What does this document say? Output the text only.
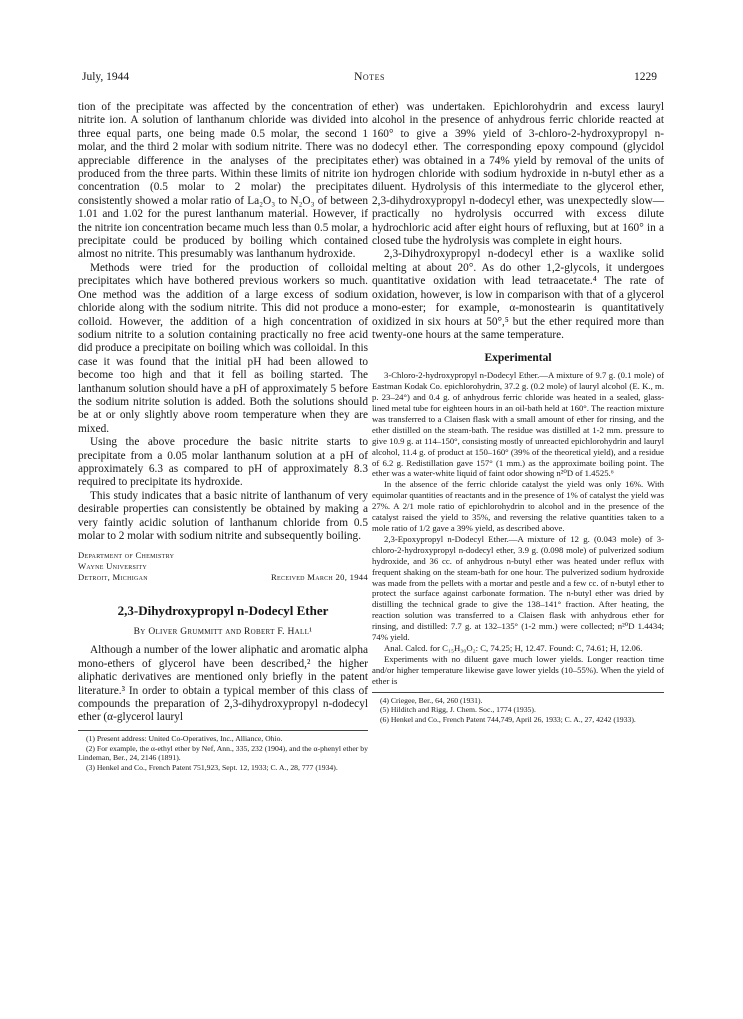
July, 1944	Notes	1229

tion of the precipitate was affected by the concentration of nitrite ion. A solution of lanthanum chloride was divided into three equal parts, one being made 0.5 molar, the second 1 molar, and the third 2 molar with sodium nitrite. There was no appreciable difference in the analyses of the precipitates produced from the three parts. Within these limits of nitrite ion concentration (0.5 molar to 2 molar) the precipitates consistently showed a molar ratio of La₂O₃ to N₂O₃ of between 1.01 and 1.02 for the purest lanthanum material. However, if the nitrite ion concentration became much less than 0.5 molar, a precipitate could be produced by boiling which contained almost no nitrite. This presumably was lanthanum hydroxide.

Methods were tried for the production of colloidal precipitates which have bothered previous workers so much. One method was the addition of a large excess of sodium chloride along with the sodium nitrite. This did not produce a colloid. However, the addition of a high concentration of sodium nitrite to a solution containing practically no free acid did produce a precipitate on boiling which was colloidal. In this case it was found that the initial pH had been allowed to become too high and that it fell as boiling started. The lanthanum solution should have a pH of approximately 5 before the sodium nitrite solution is added. Both the solutions should be at or only slightly above room temperature when they are mixed.

Using the above procedure the basic nitrite starts to precipitate from a 0.05 molar lanthanum solution at a pH of approximately 6.3 as compared to pH of approximately 8.3 required to precipitate its hydroxide.

This study indicates that a basic nitrite of lanthanum of very desirable properties can consistently be obtained by making a very faintly acidic solution of lanthanum chloride from 0.5 molar to 2 molar with sodium nitrite and subsequently boiling.

Department of Chemistry
Wayne University
Detroit, Michigan	Received March 20, 1944
2,3-Dihydroxypropyl n-Dodecyl Ether
By Oliver Grummitt and Robert F. Hall¹

Although a number of the lower aliphatic and aromatic alpha mono-ethers of glycerol have been described,² the higher aliphatic derivatives are mentioned only briefly in the patent literature.³ In order to obtain a typical member of this class of compounds the preparation of 2,3-dihydroxypropyl n-dodecyl ether (α-glycerol lauryl

(1) Present address: United Co-Operatives, Inc., Alliance, Ohio.

(2) For example, the α-ethyl ether by Nef, Ann., 335, 232 (1904), and the α-phenyl ether by Lindeman, Ber., 24, 2146 (1891).

(3) Henkel and Co., French Patent 751,923, Sept. 12, 1933; C. A., 28, 777 (1934).

ether) was undertaken. Epichlorohydrin and excess lauryl alcohol in the presence of anhydrous ferric chloride reacted at 160° to give a 39% yield of 3-chloro-2-hydroxypropyl n-dodecyl ether. The corresponding epoxy compound (glycidol ether) was obtained in a 74% yield by removal of the units of hydrogen chloride with sodium hydroxide in n-butyl ether as a diluent. Hydrolysis of this intermediate to the glycerol ether, 2,3-dihydroxypropyl n-dodecyl ether, was unexpectedly slow—practically no hydrolysis occurred with excess dilute hydrochloric acid after eight hours of refluxing, but at 160° in a closed tube the hydrolysis was complete in eight hours.

2,3-Dihydroxypropyl n-dodecyl ether is a waxlike solid melting at about 20°. As do other 1,2-glycols, it undergoes quantitative oxidation with lead tetraacetate.⁴ The rate of oxidation, however, is low in comparison with that of a glycerol mono-ester; for example, α-monostearin is quantitatively oxidized in six hours at 50°,⁵ but the ether required more than twenty-one hours at the same temperature.

Experimental

3-Chloro-2-hydroxypropyl n-Dodecyl Ether.—A mixture of 9.7 g. (0.1 mole) of Eastman Kodak Co. epichlorohydrin, 37.2 g. (0.2 mole) of lauryl alcohol (E. K., m. p. 23–24°) and 0.4 g. of anhydrous ferric chloride was heated in a sealed, glass-lined metal tube for eighteen hours in an oil-bath held at 160°. The reaction mixture was transferred to a Claisen flask with a small amount of ether for rinsing, and the ether distilled on the steam-bath. The residue was distilled at 1-2 mm. pressure to give 10.9 g. at 114–150°, consisting mostly of unreacted epichlorohydrin and lauryl alcohol, 11.4 g. of product at 150–160° (39% of the theoretical yield), and a residue of 6.2 g. Redistillation gave 157° (1 mm.) as the approximate boiling point. The ether was a water-white liquid of faint odor showing n²⁰D of 1.4525.⁶

In the absence of the ferric chloride catalyst the yield was only 16%. With equimolar quantities of reactants and in the presence of 1% of catalyst the yield was 27%. A 2/1 mole ratio of epichlorohydrin to alcohol and in the presence of the catalyst raised the yield to 35%, and reversing the relative quantities taken to a mole ratio of 1/2 gave a 39% yield, as described above.

2,3-Epoxypropyl n-Dodecyl Ether.—A mixture of 12 g. (0.043 mole) of 3-chloro-2-hydroxypropyl n-dodecyl ether, 3.9 g. (0.098 mole) of pulverized sodium hydroxide, and 36 cc. of anhydrous n-butyl ether was heated under reflux with frequent shaking on the steam-bath for one hour. The pulverized sodium hydroxide was made from the pellets with a mortar and pestle and a few cc. of n-butyl ether to protect the surface against carbonate formation. The n-butyl ether was dried by distilling the technical grade to give the 138–141° fraction. After heating, the reaction solution was transferred to a Claisen flask with anhydrous ether for rinsing, and distilled: 7.7 g. at 132–135° (1-2 mm.) were collected; n²⁰D 1.4434; 74% yield.

Anal. Calcd. for C₁₅H₃₀O₂: C, 74.25; H, 12.47. Found: C, 74.61; H, 12.06.

Experiments with no diluent gave much lower yields. Longer reaction time and/or higher temperature likewise gave lower yields (10–55%). When the yield of ether is

(4) Criegee, Ber., 64, 260 (1931).

(5) Hilditch and Rigg, J. Chem. Soc., 1774 (1935).

(6) Henkel and Co., French Patent 744,749, April 26, 1933; C. A., 27, 4242 (1933).
